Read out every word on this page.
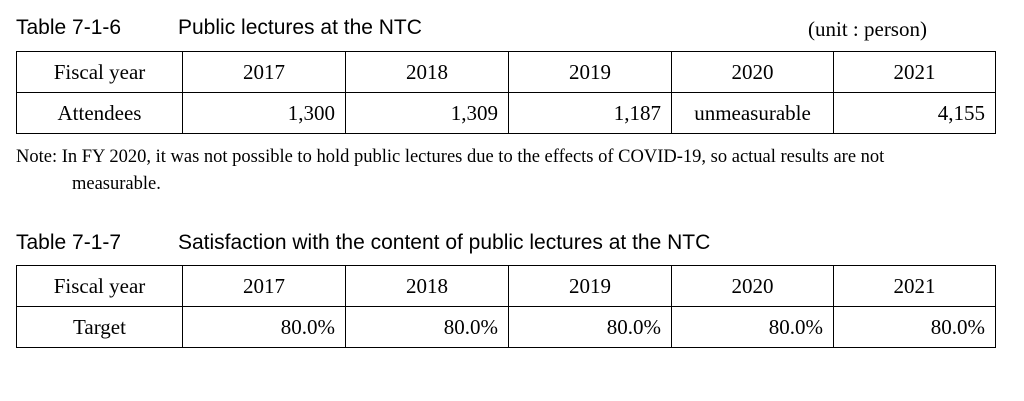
Table 7-1-6	Public lectures at the NTC	(unit : person)
Fiscal year	2017	2018	2019	2020	2021
Attendees	1,300	1,309	1,187	unmeasurable	4,155
Note: In FY 2020, it was not possible to hold public lectures due to the effects of COVID-19, so actual results are not
measurable.
Table 7-1-7	Satisfaction with the content of public lectures at the NTC
Fiscal year	2017	2018	2019	2020	2021
Target	80.0%	80.0%	80.0%	80.0%	80.0%
